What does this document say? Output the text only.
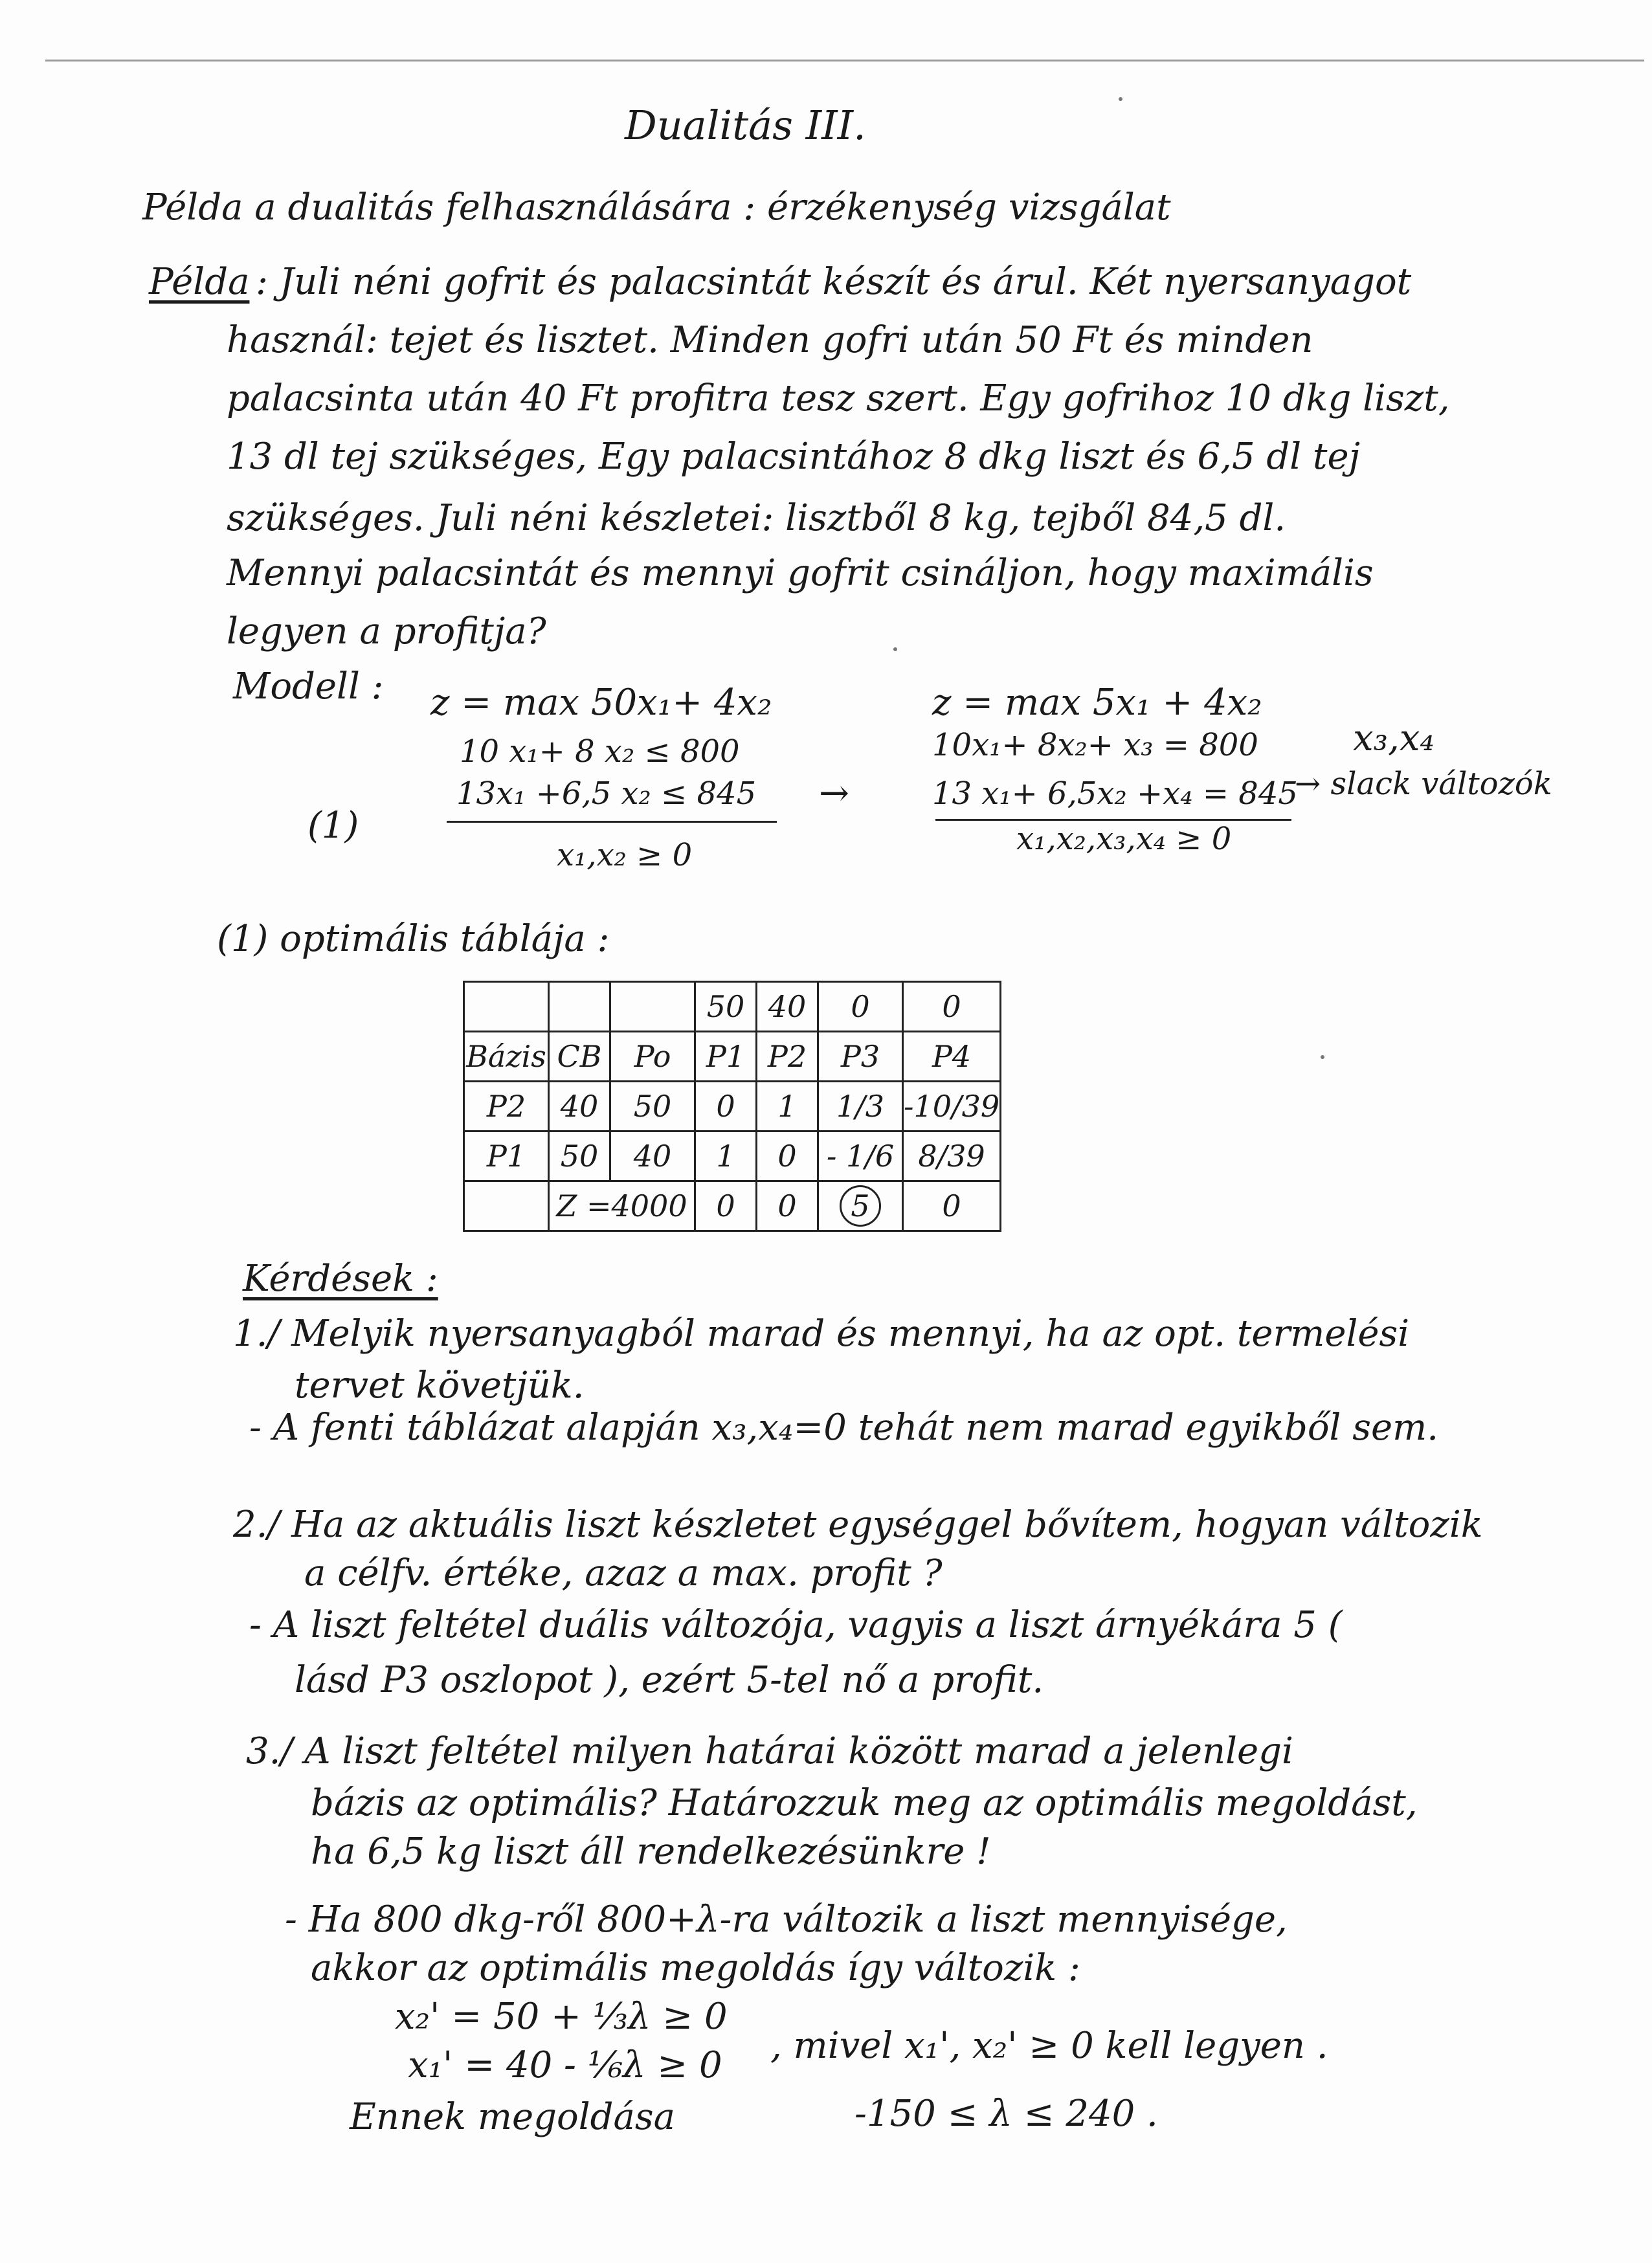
Dualitás III.
Példa a dualitás felhasználására : érzékenység vizsgálat
Példa : Juli néni gofrit és palacsintát készít és árul. Két nyersanyagot
használ: tejet és lisztet. Minden gofri után 50 Ft és minden
palacsinta után 40 Ft profitra tesz szert. Egy gofrihoz 10 dkg liszt,
13 dl tej szükséges, Egy palacsintához 8 dkg liszt és 6,5 dl tej
szükséges. Juli néni készletei: lisztből 8 kg, tejből 84,5 dl.
Mennyi palacsintát és mennyi gofrit csináljon, hogy maximális
legyen a profitja?
Modell : z = max 50x₁+ 4x₂
10 x₁+ 8 x₂ ≤ 800
13x₁ +6,5 x₂ ≤ 845
x₁,x₂ ≥ 0
(1)
→
z = max 5x₁ + 4x₂
10x₁+ 8x₂+ x₃ = 800
13 x₁+ 6,5x₂ +x₄ = 845
x₁,x₂,x₃,x₄ ≥ 0
x₃,x₄
→ slack változók
(1) optimális táblája :
			50	40	0	0
Bázis	CB	Po	P1	P2	P3	P4
P2	40	50	0	1	1/3	-10/39
P1	50	40	1	0	- 1/6	8/39
	Z =4000		0	0	5	0
Kérdések :
1./ Melyik nyersanyagból marad és mennyi, ha az opt. termelési
tervet követjük.
- A fenti táblázat alapján x₃,x₄=0 tehát nem marad egyikből sem.
2./ Ha az aktuális liszt készletet egységgel bővítem, hogyan változik
a célfv. értéke, azaz a max. profit ?
- A liszt feltétel duális változója, vagyis a liszt árnyékára 5 (
lásd P3 oszlopot ), ezért 5-tel nő a profit.
3./ A liszt feltétel milyen határai között marad a jelenlegi
bázis az optimális? Határozzuk meg az optimális megoldást,
ha 6,5 kg liszt áll rendelkezésünkre !
- Ha 800 dkg-ről 800+λ-ra változik a liszt mennyisége,
akkor az optimális megoldás így változik :
x₂' = 50 + ⅓λ ≥ 0
x₁' = 40 - ⅙λ ≥ 0 , mivel x₁', x₂' ≥ 0 kell legyen .
Ennek megoldása	-150 ≤ λ ≤ 240 .
